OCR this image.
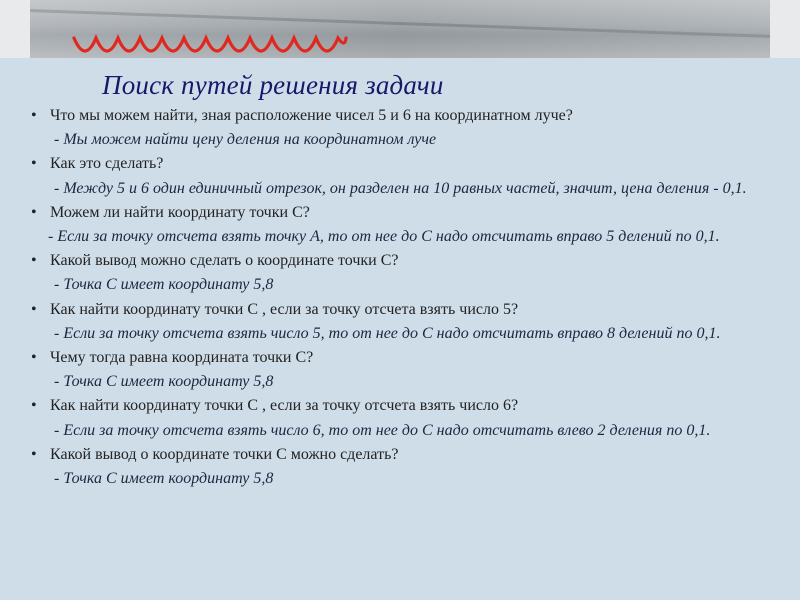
Поиск путей решения задачи

• Что мы можем найти, зная расположение чисел 5 и 6 на координатном луче?

- Мы можем найти цену деления на координатном луче

• Как это сделать?

- Между 5 и 6 один единичный отрезок, он разделен на 10 равных частей, значит, цена деления - 0,1.

• Можем ли найти координату точки С?

- Если за точку отсчета взять точку А, то от нее до С надо отсчитать вправо 5 делений по 0,1.

• Какой вывод можно сделать о координате точки С?

- Точка С имеет координату 5,8

• Как найти координату точки С , если за точку отсчета взять число 5?

- Если за точку отсчета взять число 5, то от нее до С надо отсчитать вправо 8 делений по 0,1.

• Чему тогда равна координата точки С?

- Точка С имеет координату 5,8

• Как найти координату точки С , если за точку отсчета взять число 6?

- Если за точку отсчета взять число 6, то от нее до С надо отсчитать влево 2 деления по 0,1.

• Какой вывод о координате точки С можно сделать?

- Точка С имеет координату 5,8
